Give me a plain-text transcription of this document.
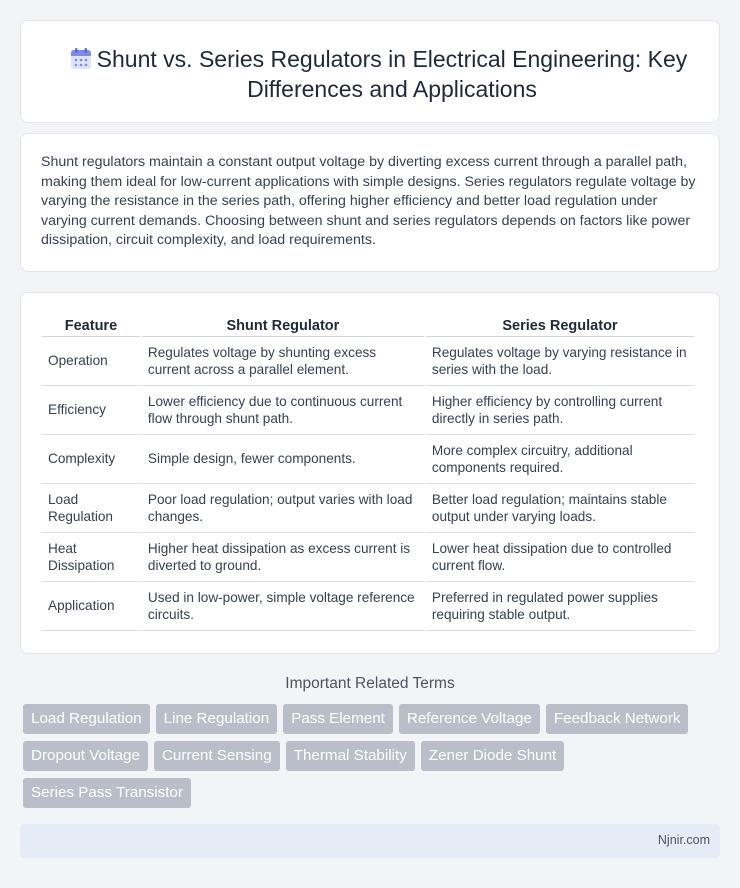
Shunt vs. Series Regulators in Electrical Engineering: Key Differences and Applications

Shunt regulators maintain a constant output voltage by diverting excess current through a parallel path, making them ideal for low-current applications with simple designs. Series regulators regulate voltage by varying the resistance in the series path, offering higher efficiency and better load regulation under varying current demands. Choosing between shunt and series regulators depends on factors like power dissipation, circuit complexity, and load requirements.

Feature	Shunt Regulator	Series Regulator
Operation	Regulates voltage by shunting excess current across a parallel element.	Regulates voltage by varying resistance in series with the load.
Efficiency	Lower efficiency due to continuous current flow through shunt path.	Higher efficiency by controlling current directly in series path.
Complexity	Simple design, fewer components.	More complex circuitry, additional components required.
Load Regulation	Poor load regulation; output varies with load changes.	Better load regulation; maintains stable output under varying loads.
Heat Dissipation	Higher heat dissipation as excess current is diverted to ground.	Lower heat dissipation due to controlled current flow.
Application	Used in low-power, simple voltage reference circuits.	Preferred in regulated power supplies requiring stable output.
Important Related Terms
Load Regulation	Line Regulation	Pass Element	Reference Voltage	Feedback Network
Dropout Voltage	Current Sensing	Thermal Stability	Zener Diode Shunt
Series Pass Transistor
Njnir.com
